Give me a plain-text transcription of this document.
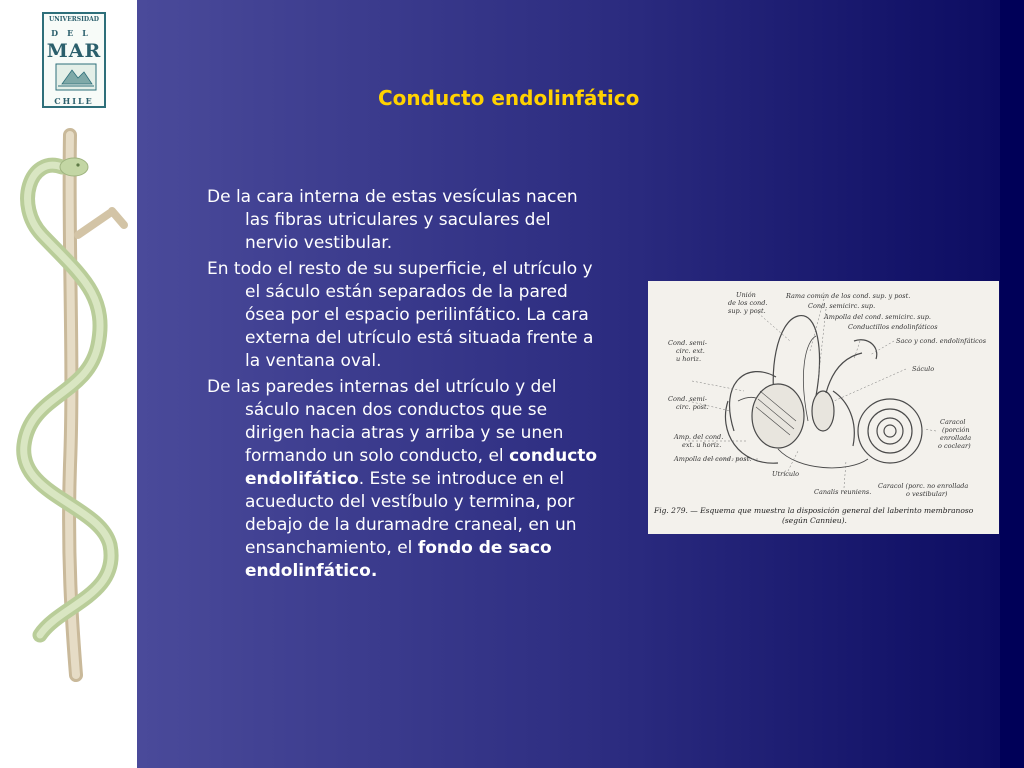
UNIVERSIDAD
DEL
MAR
CHILE	Conducto endolinfático

De la cara interna de estas vesículas nacen las fibras utriculares y saculares del nervio vestibular.

En todo el resto de su superficie, el utrículo y el sáculo están separados de la pared ósea por el espacio perilinfático. La cara externa del utrículo está situada frente a la ventana oval.

De las paredes internas del utrículo y del sáculo nacen dos conductos que se dirigen hacia atras y arriba y se unen formando un solo conducto, el conducto endolifático. Este se introduce en el acueducto del vestíbulo y termina, por debajo de la duramadre craneal, en un ensanchamiento, el fondo de saco endolinfático.

Unión
de los cond.
sup. y post.
Rama común de los cond. sup. y post.
Cond. semicirc. sup.
Ampolla del cond. semicirc. sup.
Conductillos endolinfáticos
Saco y cond. endolinfáticos
Cond. semi-
circ. ext.
u horiz.
Sáculo
Cond. semi-
circ. post.
Caracol
(porción
enrollada
o coclear)
Amp. del cond.
ext. u horiz.
Ampolla del cond. post.
Utrículo
Caracol (porc. no enrollada
o vestibular)
Canalis reuniens.
Fig. 279. — Esquema que muestra la disposición general del laberinto membranoso
(según Cannieu).
